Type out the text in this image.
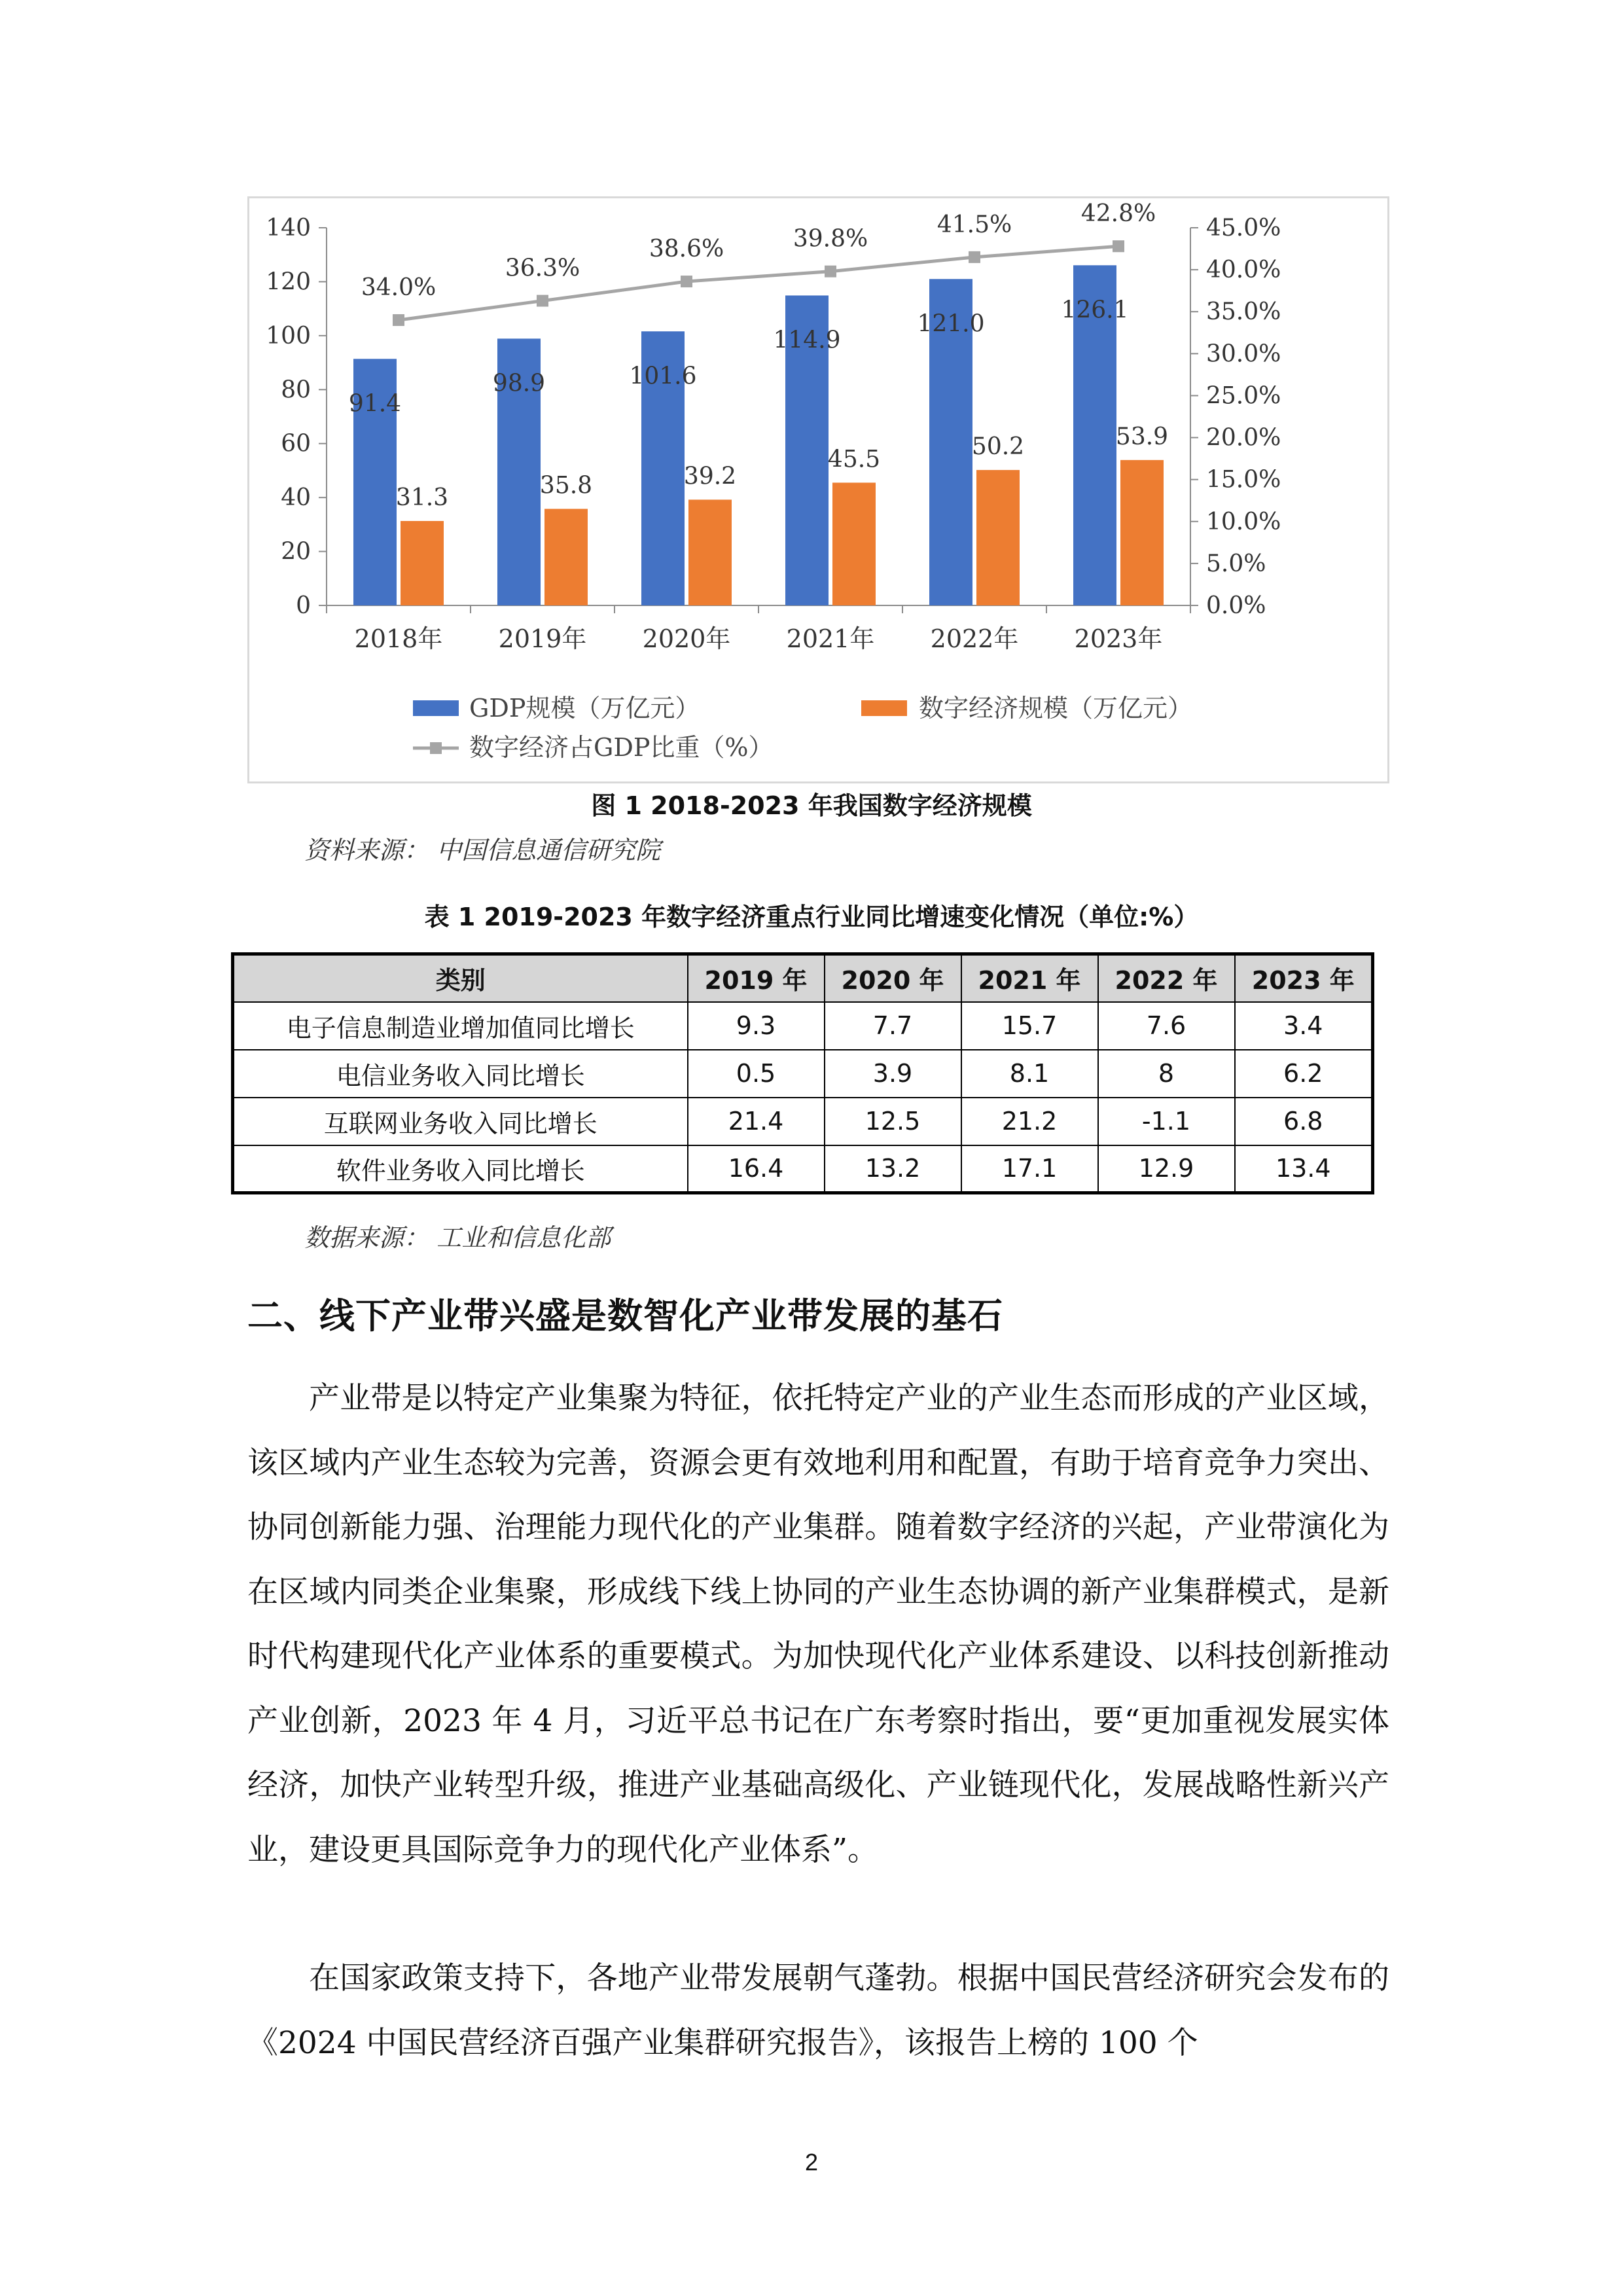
0
20
40
60
80
100
120
140
0.0%
5.0%
10.0%
15.0%
20.0%
25.0%
30.0%
35.0%
40.0%
45.0%
2018年 2019年 2020年 2021年 2022年 2023年
91.4
98.9	101.6
114.9
121.0
126.1
31.3	35.8	39.2
45.5	50.2	53.9
34.0%
36.3%
38.6%	39.8%
41.5%	42.8%
GDP规模（万亿元）	数字经济规模（万亿元）
数字经济占GDP比重（%）
图 1 2018-2023 年我国数字经济规模
资料来源： 中国信息通信研究院
表 1 2019-2023 年数字经济重点行业同比增速变化情况（单位:%）
类别	2019 年	2020 年	2021 年	2022 年	2023 年
电子信息制造业增加值同比增长	9.3	7.7	15.7	7.6	3.4
电信业务收入同比增长	0.5	3.9	8.1	8	6.2
互联网业务收入同比增长	21.4	12.5	21.2	-1.1	6.8
软件业务收入同比增长	16.4	13.2	17.1	12.9	13.4
数据来源： 工业和信息化部
二、线下产业带兴盛是数智化产业带发展的基石

产业带是以特定产业集聚为特征，依托特定产业的产业生态而形成的产业区域，该区域内产业生态较为完善，资源会更有效地利用和配置，有助于培育竞争力突出、协同创新能力强、治理能力现代化的产业集群。随着数字经济的兴起，产业带演化为在区域内同类企业集聚，形成线下线上协同的产业生态协调的新产业集群模式，是新时代构建现代化产业体系的重要模式。为加快现代化产业体系建设、以科技创新推动产业创新，2023 年 4 月，习近平总书记在广东考察时指出，要“更加重视发展实体经济，加快产业转型升级，推进产业基础高级化、产业链现代化，发展战略性新兴产业，建设更具国际竞争力的现代化产业体系”。

在国家政策支持下，各地产业带发展朝气蓬勃。根据中国民营经济研究会发布的《2024 中国民营经济百强产业集群研究报告》，该报告上榜的 100 个

2
